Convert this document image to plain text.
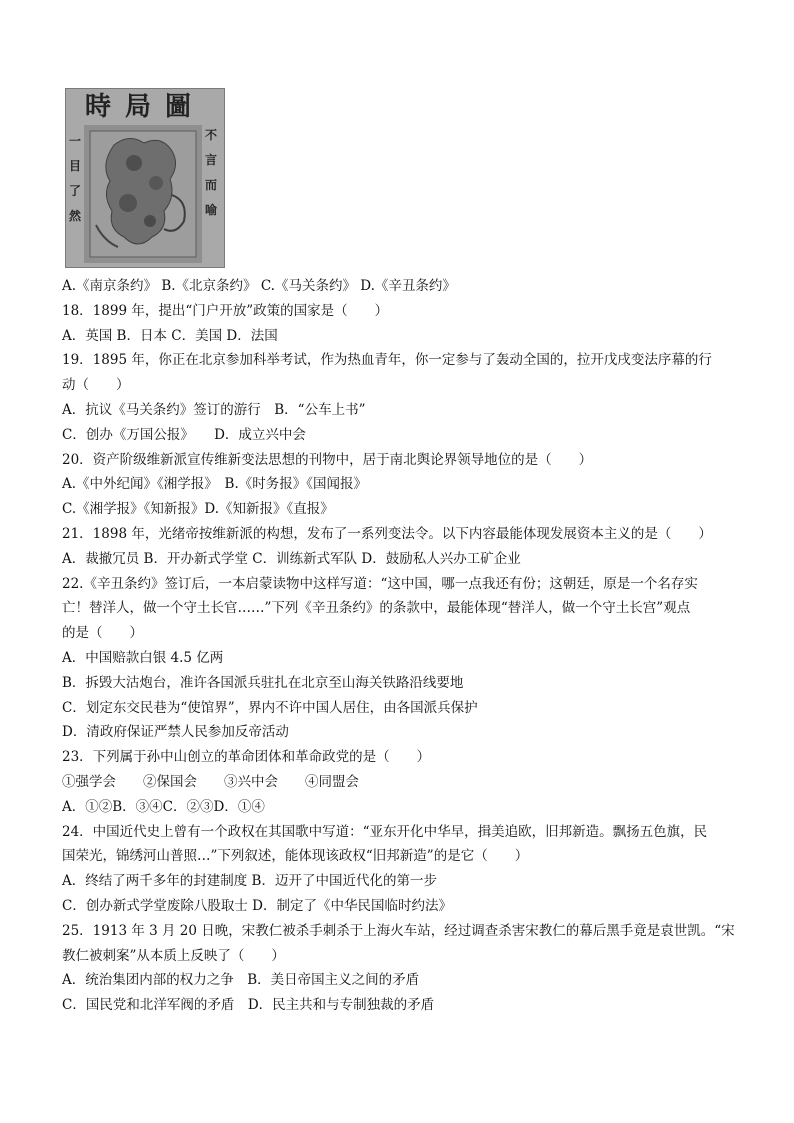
時局圖
一目了然
不言而喻
A.《南京条约》 B.《北京条约》 C.《马关条约》 D.《辛丑条约》
18．1899 年，提出“门户开放”政策的国家是（　　）
A．英国 B．日本 C．美国 D．法国
19．1895 年，你正在北京参加科举考试，作为热血青年，你一定参与了轰动全国的，拉开戊戌变法序幕的行
动（　　）
A．抗议《马关条约》签订的游行　B．“公车上书”
C．创办《万国公报》　　D．成立兴中会
20．资产阶级维新派宣传维新变法思想的刊物中，居于南北舆论界领导地位的是（　　）
A.《中外纪闻》《湘学报》　B.《时务报》《国闻报》
C.《湘学报》《知新报》D.《知新报》《直报》
21．1898 年，光绪帝按维新派的构想，发布了一系列变法令。以下内容最能体现发展资本主义的是（　　）
A．裁撤冗员 B．开办新式学堂 C．训练新式军队 D．鼓励私人兴办工矿企业
22.《辛丑条约》签订后，一本启蒙读物中这样写道：“这中国，哪一点我还有份；这朝廷，原是一个名存实
亡！替洋人，做一个守土长官……”下列《辛丑条约》的条款中，最能体现“替洋人，做一个守土长宫”观点
的是（　　）
A．中国赔款白银 4.5 亿两
B．拆毁大沽炮台，准许各国派兵驻扎在北京至山海关铁路沿线要地
C．划定东交民巷为“使馆界”，界内不许中国人居住，由各国派兵保护
D．清政府保证严禁人民参加反帝活动
23．下列属于孙中山创立的革命团体和革命政党的是（　　）
①强学会　　②保国会　　③兴中会　　④同盟会
A．①②B．③④C．②③D．①④
24．中国近代史上曾有一个政权在其国歌中写道：“亚东开化中华早，揖美追欧，旧邦新造。飘扬五色旗，民
国荣光，锦绣河山普照…”下列叙述，能体现该政权“旧邦新造”的是它（　　）
A．终结了两千多年的封建制度 B．迈开了中国近代化的第一步
C．创办新式学堂废除八股取士 D．制定了《中华民国临时约法》
25．1913 年 3 月 20 日晚，宋教仁被杀手刺杀于上海火车站，经过调查杀害宋教仁的幕后黑手竟是袁世凯。“宋
教仁被刺案”从本质上反映了（　　）
A．统治集团内部的权力之争　B．美日帝国主义之间的矛盾
C．国民党和北洋军阀的矛盾　D．民主共和与专制独裁的矛盾
